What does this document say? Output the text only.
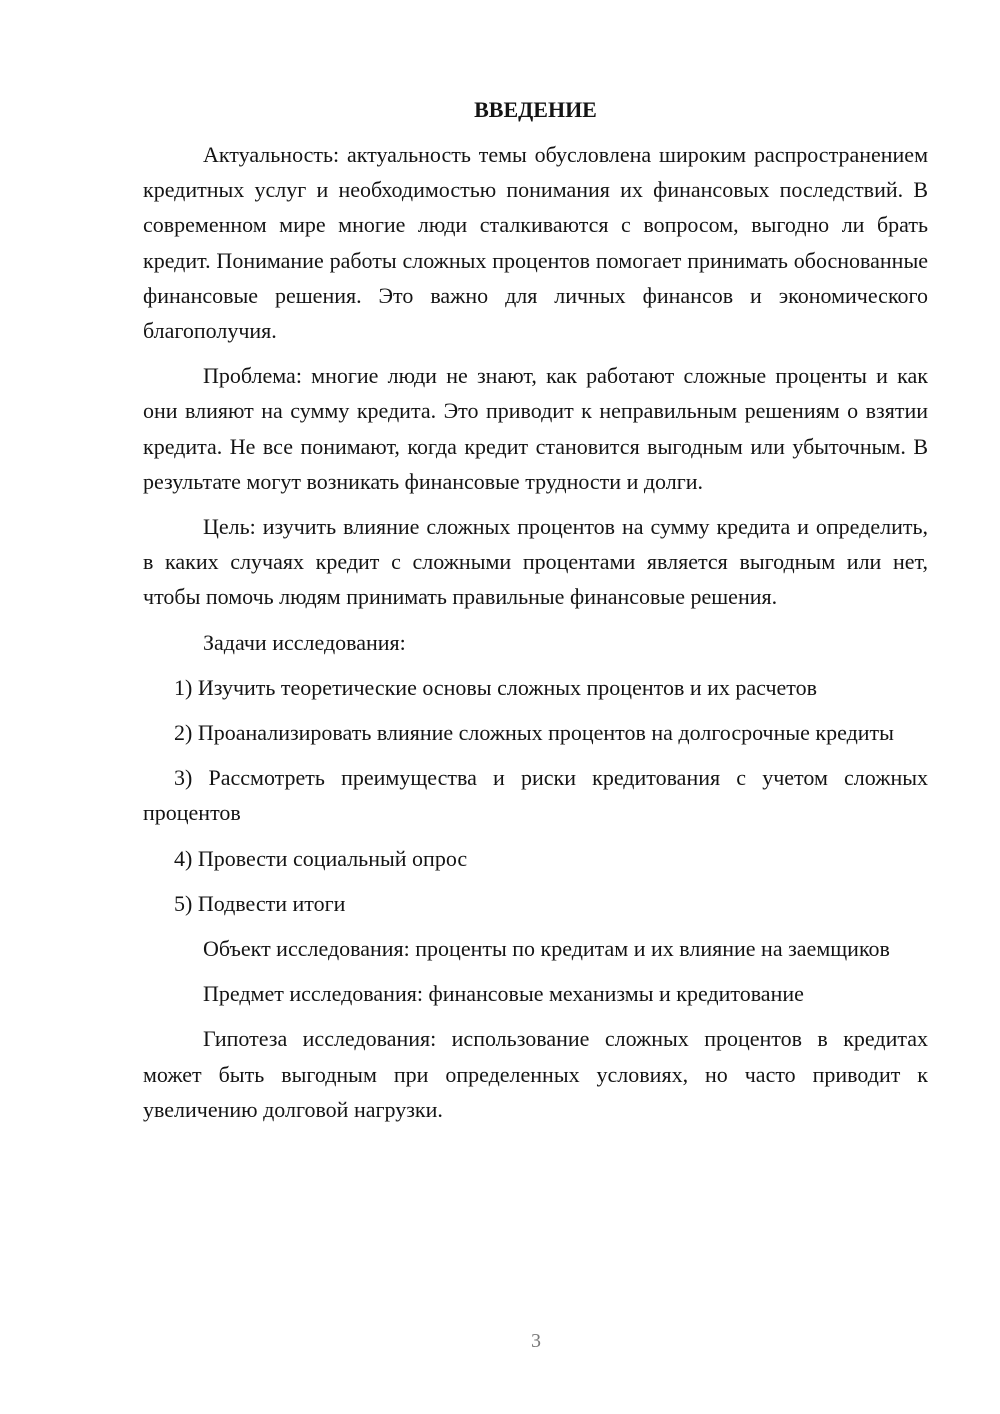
ВВЕДЕНИЕ

Актуальность: актуальность темы обусловлена широким распространением кредитных услуг и необходимостью понимания их финансовых последствий. В современном мире многие люди сталкиваются с вопросом, выгодно ли брать кредит. Понимание работы сложных процентов помогает принимать обоснованные финансовые решения. Это важно для личных финансов и экономического благополучия.

Проблема: многие люди не знают, как работают сложные проценты и как они влияют на сумму кредита. Это приводит к неправильным решениям о взятии кредита. Не все понимают, когда кредит становится выгодным или убыточным. В результате могут возникать финансовые трудности и долги.

Цель: изучить влияние сложных процентов на сумму кредита и определить, в каких случаях кредит с сложными процентами является выгодным или нет, чтобы помочь людям принимать правильные финансовые решения.

Задачи исследования:

1) Изучить теоретические основы сложных процентов и их расчетов

2) Проанализировать влияние сложных процентов на долгосрочные кредиты

3) Рассмотреть преимущества и риски кредитования с учетом сложных процентов

4) Провести социальный опрос

5) Подвести итоги

Объект исследования: проценты по кредитам и их влияние на заемщиков

Предмет исследования: финансовые механизмы и кредитование

Гипотеза исследования: использование сложных процентов в кредитах может быть выгодным при определенных условиях, но часто приводит к увеличению долговой нагрузки.

3
